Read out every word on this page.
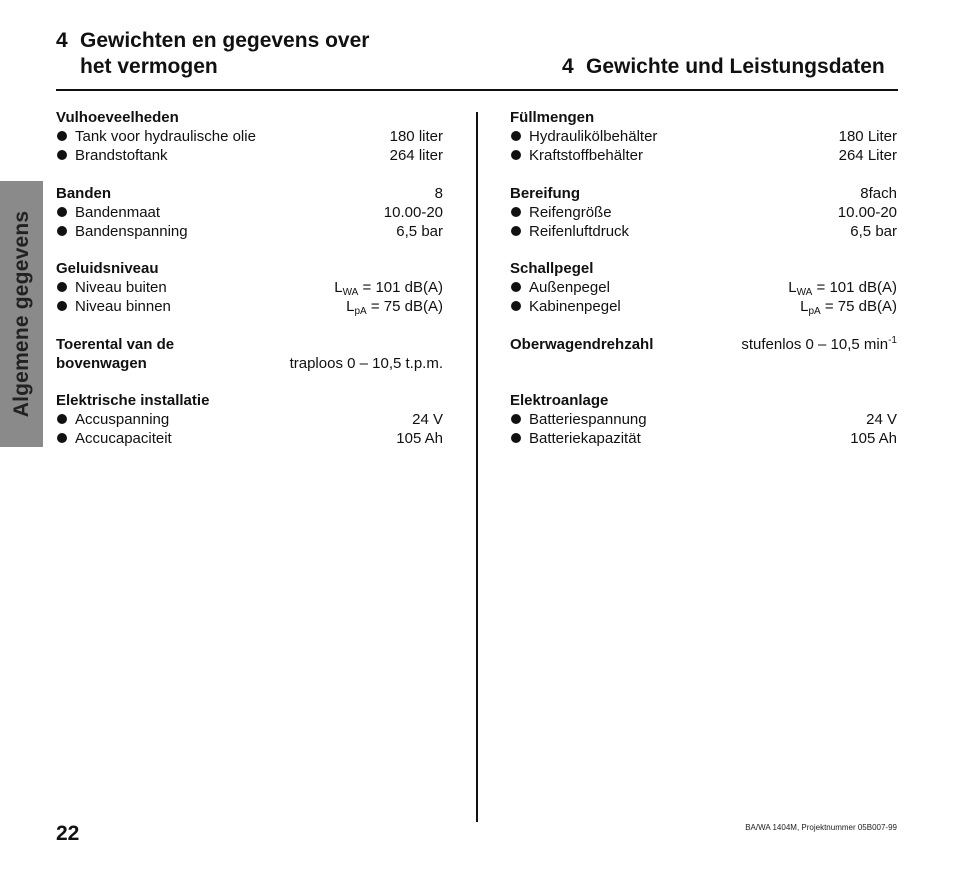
Algemene gegevens
4 Gewichten en gegevens over
het vermogen	4 Gewichte und Leistungsdaten
Vulhoeveelheden
Tank voor hydraulische olie	180 liter
Brandstoftank	264 liter
Banden	8
Bandenmaat	10.00-20
Bandenspanning	6,5 bar
Geluidsniveau
Niveau buiten	$L_{WA} = 101$ dB(A)
Niveau binnen	$L_{pA} = 75$ dB(A)
Toerental van de
bovenwagen	traploos 0 – 10,5 t.p.m.
Elektrische installatie
Accuspanning	24 V
Accucapaciteit	105 Ah
Füllmengen
Hydraulikölbehälter	180 Liter
Kraftstoffbehälter	264 Liter
Bereifung	8fach
Reifengröße	10.00-20
Reifenluftdruck	6,5 bar
Schallpegel
Außenpegel	$L_{WA} = 101$ dB(A)
Kabinenpegel	$L_{pA} = 75$ dB(A)
Oberwagendrehzahl	stufenlos 0 – 10,5 $\min^{-1}$
Elektroanlage
Batteriespannung	24 V
Batteriekapazität	105 Ah
22	BA/WA 1404M, Projektnummer 05B007-99
